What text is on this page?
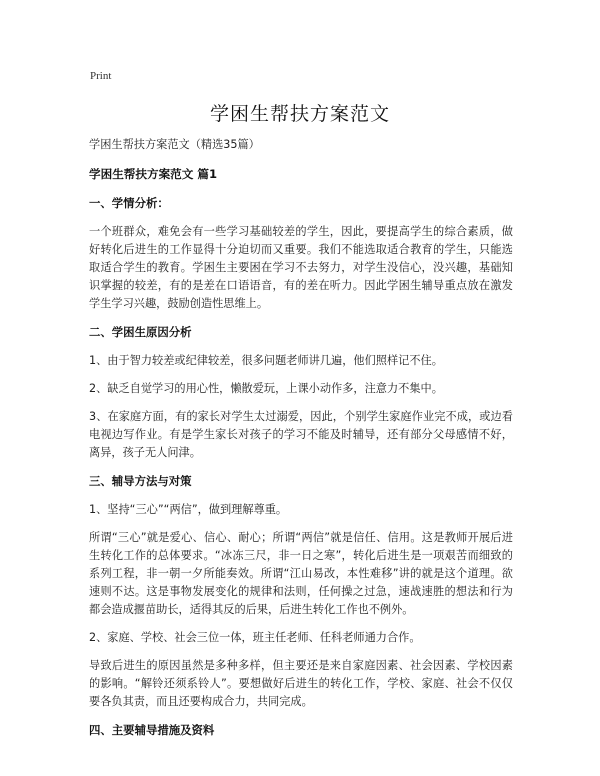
Print
学困生帮扶方案范文

学困生帮扶方案范文（精选35篇）

学困生帮扶方案范文 篇1
一、学情分析：

一个班群众，难免会有一些学习基础较差的学生，因此，要提高学生的综合素质，做好转化后进生的工作显得十分迫切而又重要。我们不能选取适合教育的学生，只能选取适合学生的教育。学困生主要困在学习不去努力，对学生没信心，没兴趣，基础知识掌握的较差，有的是差在口语语音，有的差在听力。因此学困生辅导重点放在激发学生学习兴趣，鼓励创造性思维上。

二、学困生原因分析

1、由于智力较差或纪律较差，很多问题老师讲几遍，他们照样记不住。

2、缺乏自觉学习的用心性，懒散爱玩，上课小动作多，注意力不集中。

3、在家庭方面，有的家长对学生太过溺爱，因此，个别学生家庭作业完不成，或边看电视边写作业。有是学生家长对孩子的学习不能及时辅导，还有部分父母感情不好，离异，孩子无人问津。

三、辅导方法与对策

1、坚持“三心”“两信”，做到理解尊重。

所谓“三心”就是爱心、信心、耐心；所谓“两信”就是信任、信用。这是教师开展后进生转化工作的总体要求。“冰冻三尺，非一日之寒”，转化后进生是一项艰苦而细致的系列工程，非一朝一夕所能奏效。所谓“江山易改，本性难移”讲的就是这个道理。欲速则不达。这是事物发展变化的规律和法则，任何操之过急，速战速胜的想法和行为都会造成揠苗助长，适得其反的后果，后进生转化工作也不例外。

2、家庭、学校、社会三位一体，班主任老师、任科老师通力合作。

导致后进生的原因虽然是多种多样，但主要还是来自家庭因素、社会因素、学校因素的影响。“解铃还须系铃人”。要想做好后进生的转化工作，学校、家庭、社会不仅仅要各负其责，而且还要构成合力，共同完成。

四、主要辅导措施及资料
